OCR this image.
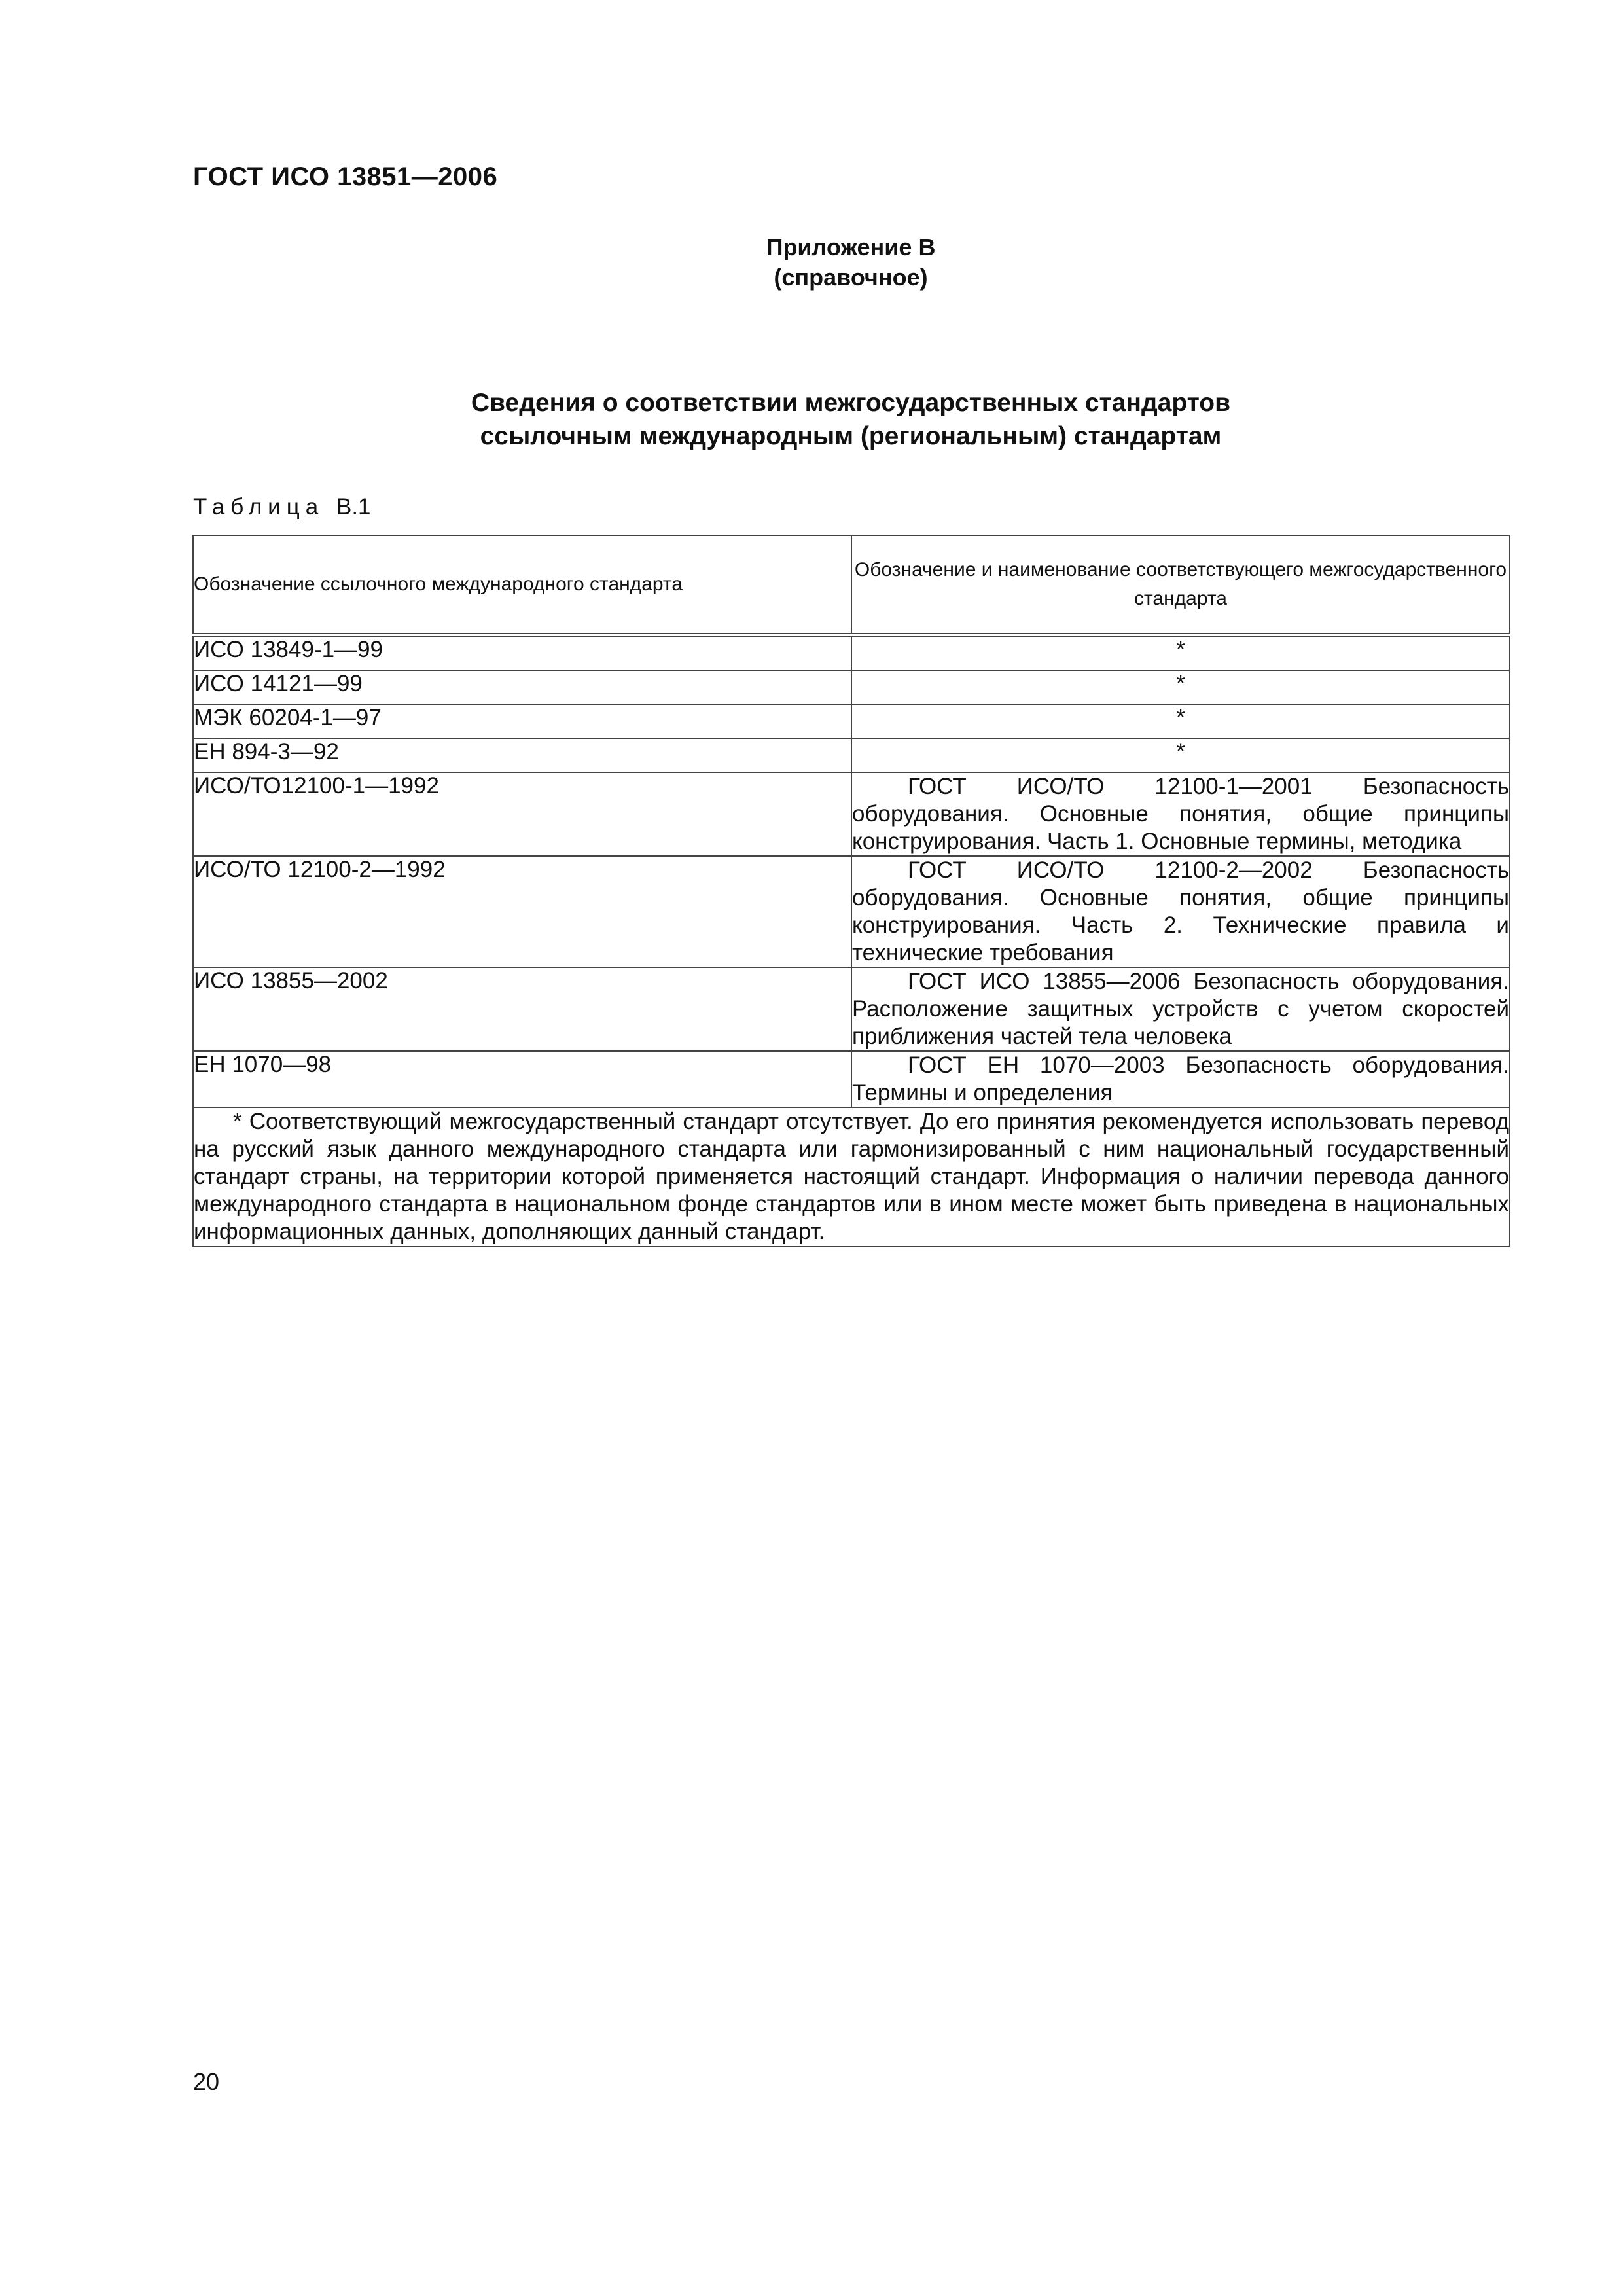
ГОСТ ИСО 13851—2006
Приложение В
(справочное)
Сведения о соответствии межгосударственных стандартов
ссылочным международным (региональным) стандартам
Таблица В.1
Обозначение ссылочного международного стандарта	Обозначение и наименование соответствующего межгосударственного стандарта
ИСО 13849-1—99	*
ИСО 14121—99	*
МЭК 60204-1—97	*
ЕН 894-3—92	*
ИСО/ТО12100-1—1992	ГОСТ ИСО/ТО 12100-1—2001 Безопасность оборудования. Основные понятия, общие принципы конструирования. Часть 1. Основные термины, методика
ИСО/ТО 12100-2—1992	ГОСТ ИСО/ТО 12100-2—2002 Безопасность оборудования. Основные понятия, общие принципы конструирования. Часть 2. Технические правила и технические требования
ИСО 13855—2002	ГОСТ ИСО 13855—2006 Безопасность оборудования. Расположение защитных устройств с учетом скоростей приближения частей тела человека
ЕН 1070—98	ГОСТ ЕН 1070—2003 Безопасность оборудования. Термины и определения
* Соответствующий межгосударственный стандарт отсутствует. До его принятия рекомендуется использовать перевод на русский язык данного международного стандарта или гармонизированный с ним национальный государственный стандарт страны, на территории которой применяется настоящий стандарт. Информация о наличии перевода данного международного стандарта в национальном фонде стандартов или в ином месте может быть приведена в национальных информационных данных, дополняющих данный стандарт.	
20
